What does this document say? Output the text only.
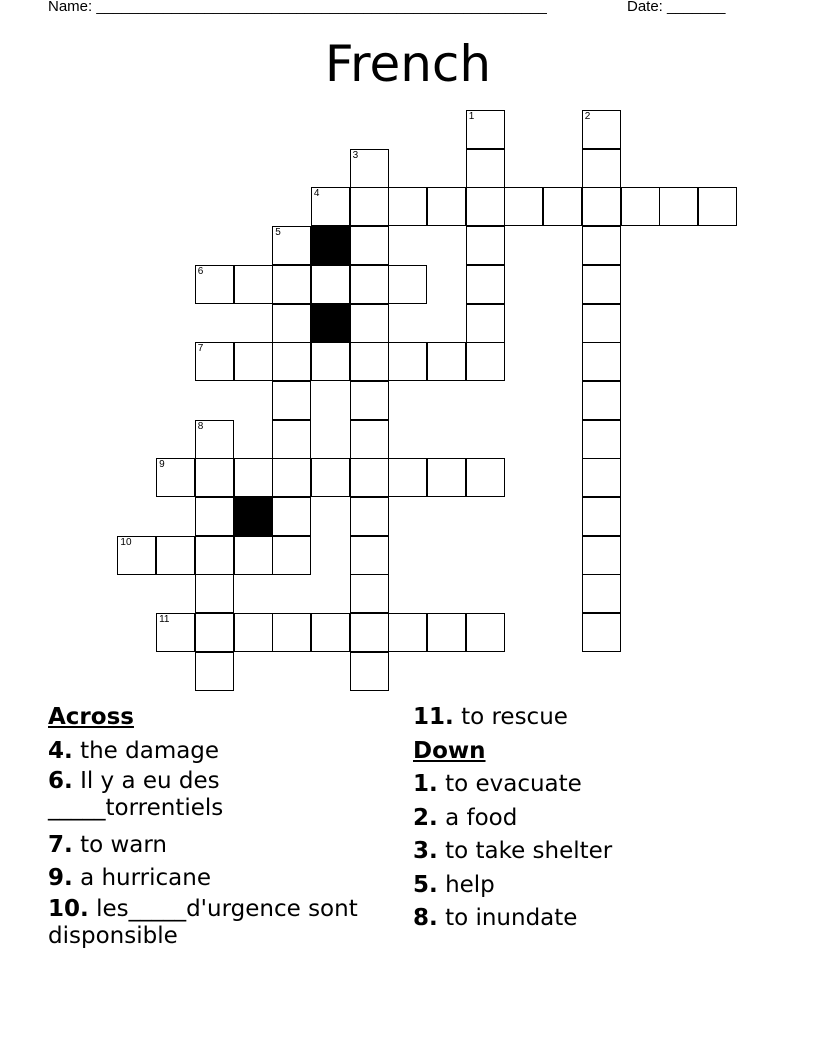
Name: ______________________________________________________	Date: _______
French
1	2
3
4
5
6
7
8
9
10
11
Across
4. the damage
6. Il y a eu des _____torrentiels
7. to warn
9. a hurricane
10. les_____d'urgence sont disponsible
11. to rescue
Down
1. to evacuate
2. a food
3. to take shelter
5. help
8. to inundate
